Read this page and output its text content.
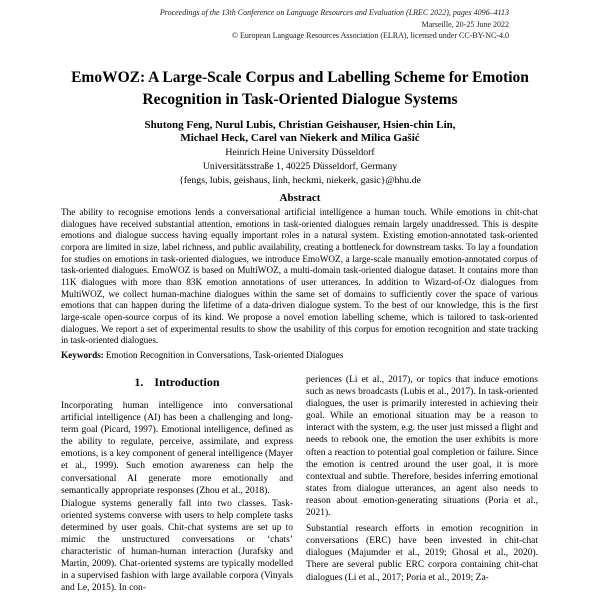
Proceedings of the 13th Conference on Language Resources and Evaluation (LREC 2022), pages 4096–4113
Marseille, 20-25 June 2022
© European Language Resources Association (ELRA), licensed under CC-BY-NC-4.0
EmoWOZ: A Large-Scale Corpus and Labelling Scheme for Emotion
Recognition in Task-Oriented Dialogue Systems
Shutong Feng, Nurul Lubis, Christian Geishauser, Hsien-chin Lin,
Michael Heck, Carel van Niekerk and Milica Gašić
Heinrich Heine University Düsseldorf
Universitätsstraße 1, 40225 Düsseldorf, Germany
{fengs, lubis, geishaus, linh, heckmi, niekerk, gasic}@hhu.de
Abstract
The ability to recognise emotions lends a conversational artificial intelligence a human touch. While emotions in chit-chat dialogues have received substantial attention, emotions in task-oriented dialogues remain largely unaddressed. This is despite emotions and dialogue success having equally important roles in a natural system. Existing emotion-annotated task-oriented corpora are limited in size, label richness, and public availability, creating a bottleneck for downstream tasks. To lay a foundation for studies on emotions in task-oriented dialogues, we introduce EmoWOZ, a large-scale manually emotion-annotated corpus of task-oriented dialogues. EmoWOZ is based on MultiWOZ, a multi-domain task-oriented dialogue dataset. It contains more than 11K dialogues with more than 83K emotion annotations of user utterances. In addition to Wizard-of-Oz dialogues from MultiWOZ, we collect human-machine dialogues within the same set of domains to sufficiently cover the space of various emotions that can happen during the lifetime of a data-driven dialogue system. To the best of our knowledge, this is the first large-scale open-source corpus of its kind. We propose a novel emotion labelling scheme, which is tailored to task-oriented dialogues. We report a set of experimental results to show the usability of this corpus for emotion recognition and state tracking in task-oriented dialogues.
Keywords: Emotion Recognition in Conversations, Task-oriented Dialogues
1. Introduction

Incorporating human intelligence into conversational artificial intelligence (AI) has been a challenging and long-term goal (Picard, 1997). Emotional intelligence, defined as the ability to regulate, perceive, assimilate, and express emotions, is a key component of general intelligence (Mayer et al., 1999). Such emotion awareness can help the conversational AI generate more emotionally and semantically appropriate responses (Zhou et al., 2018).

Dialogue systems generally fall into two classes. Task-oriented systems converse with users to help complete tasks determined by user goals. Chit-chat systems are set up to mimic the unstructured conversations or ‘chats’ characteristic of human-human interaction (Jurafsky and Martin, 2009). Chat-oriented systems are typically modelled in a supervised fashion with large available corpora (Vinyals and Le, 2015). In con-

periences (Li et al., 2017), or topics that induce emotions such as news broadcasts (Lubis et al., 2017). In task-oriented dialogues, the user is primarily interested in achieving their goal. While an emotional situation may be a reason to interact with the system, e.g. the user just missed a flight and needs to rebook one, the emotion the user exhibits is more often a reaction to potential goal completion or failure. Since the emotion is centred around the user goal, it is more contextual and subtle. Therefore, besides inferring emotional states from dialogue utterances, an agent also needs to reason about emotion-generating situations (Poria et al., 2021).

Substantial research efforts in emotion recognition in conversations (ERC) have been invested in chit-chat dialogues (Majumder et al., 2019; Ghosal et al., 2020). There are several public ERC corpora containing chit-chat dialogues (Li et al., 2017; Poria et al., 2019; Za-
